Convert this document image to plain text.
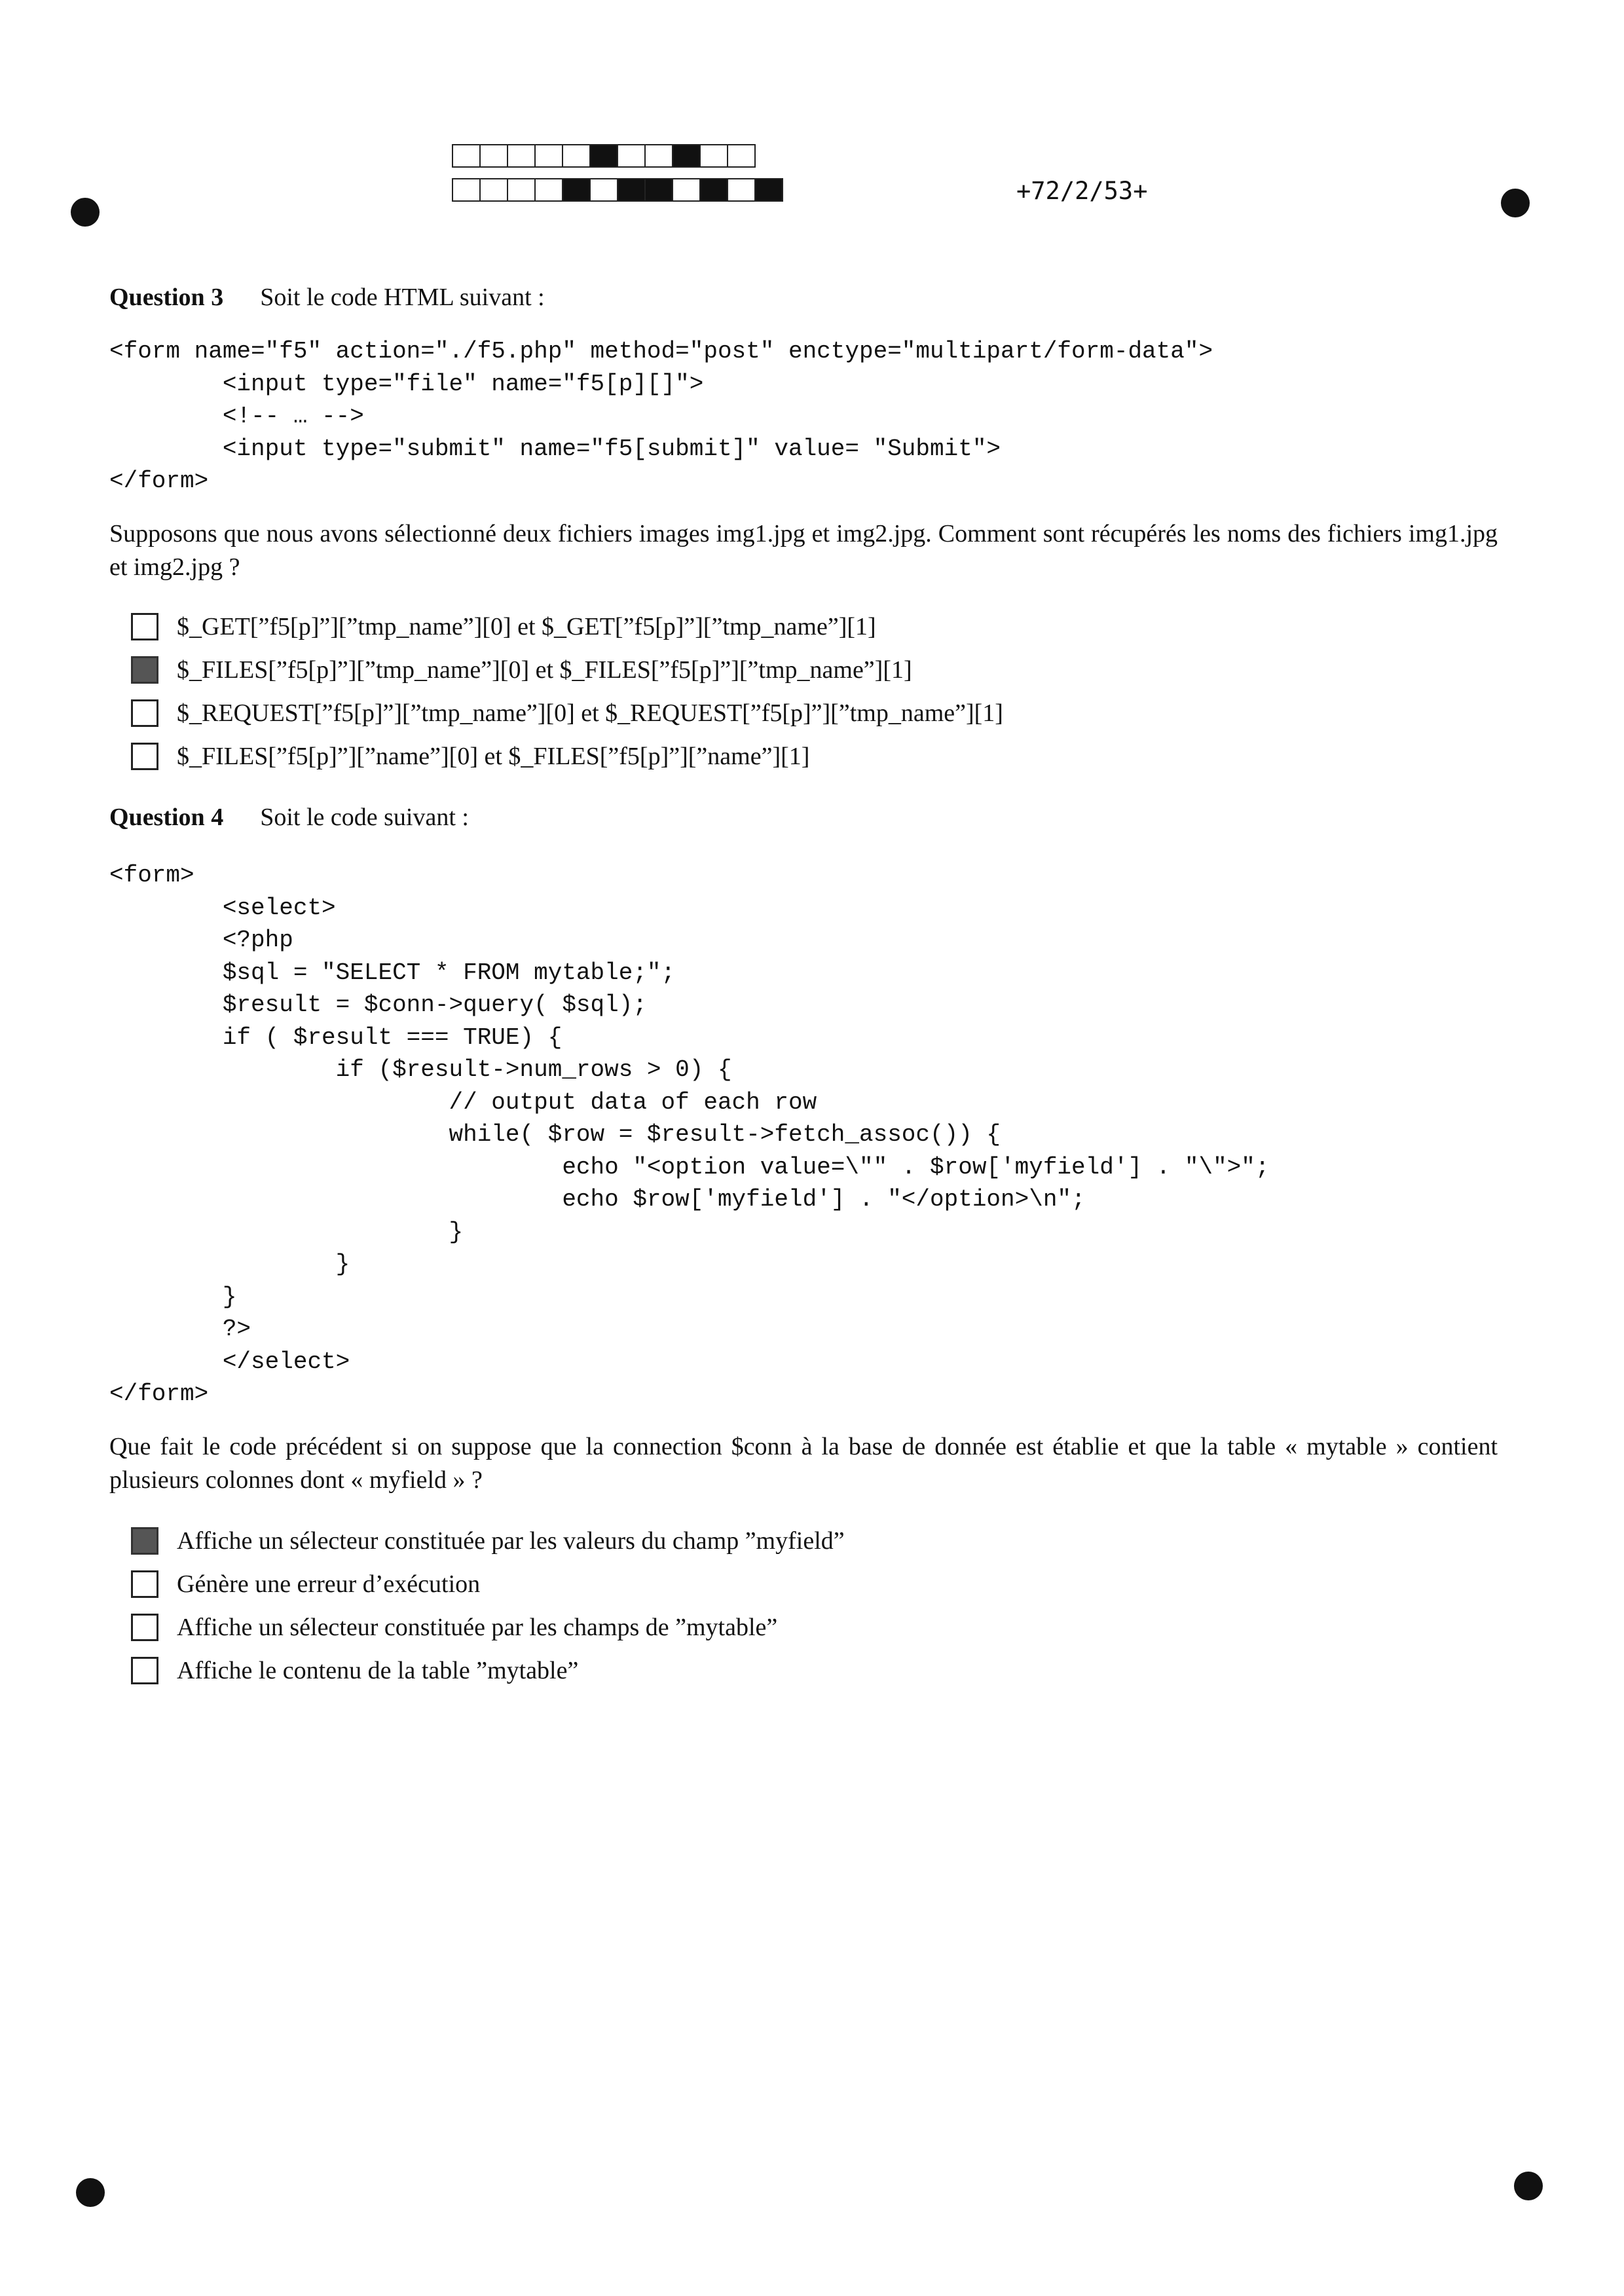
+72/2/53+
Question 3 Soit le code HTML suivant :
<form name="f5" action="./f5.php" method="post" enctype="multipart/form-data">
<input type="file" name="f5[p][]">
<!-- … -->
<input type="submit" name="f5[submit]" value= "Submit">
</form>
Supposons que nous avons sélectionné deux fichiers images img1.jpg et img2.jpg. Comment sont récupérés les noms des fichiers img1.jpg et img2.jpg ?
$_GET[”f5[p]”][”tmp_name”][0] et $_GET[”f5[p]”][”tmp_name”][1]
$_FILES[”f5[p]”][”tmp_name”][0] et $_FILES[”f5[p]”][”tmp_name”][1]
$_REQUEST[”f5[p]”][”tmp_name”][0] et $_REQUEST[”f5[p]”][”tmp_name”][1]
$_FILES[”f5[p]”][”name”][0] et $_FILES[”f5[p]”][”name”][1]
Question 4 Soit le code suivant :
<form>
<select>
<?php
$sql = "SELECT * FROM mytable;";
$result = $conn->query( $sql);
if ( $result === TRUE) {
if ($result->num_rows > 0) {
// output data of each row
while( $row = $result->fetch_assoc()) {
echo "<option value=\"" . $row['myfield'] . "\">";
echo $row['myfield'] . "</option>\n";
}
}
}
?>
</select>
</form>
Que fait le code précédent si on suppose que la connection $conn à la base de donnée est établie et que la table « mytable » contient plusieurs colonnes dont « myfield » ?
Affiche un sélecteur constituée par les valeurs du champ ”myfield”
Génère une erreur d’exécution
Affiche un sélecteur constituée par les champs de ”mytable”
Affiche le contenu de la table ”mytable”
